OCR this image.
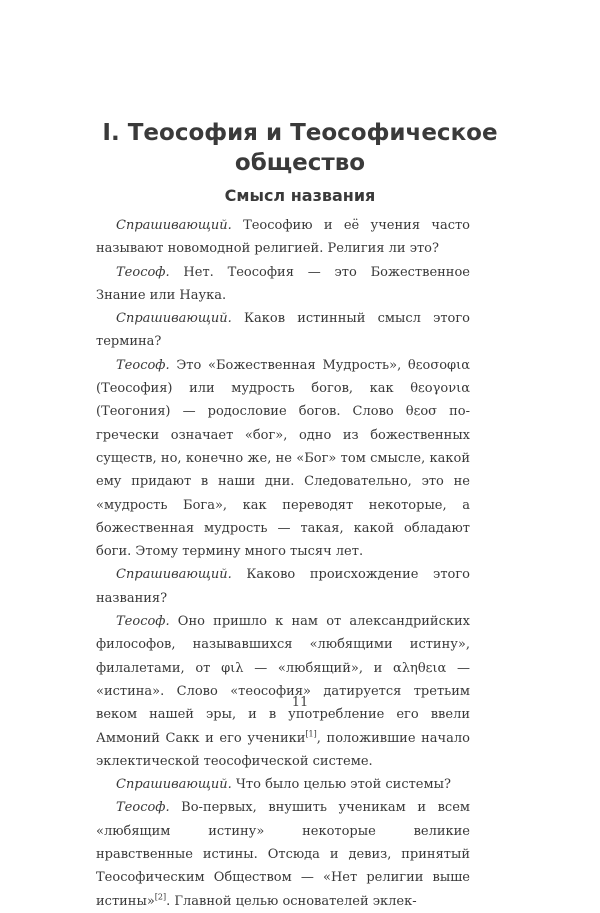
I. Теософия и Теософическое
общество
Смысл названия

Спрашивающий. Теософию и её учения часто называют новомодной религией. Религия ли это?

Теософ. Нет. Теософия — это Божественное Знание или Наука.

Спрашивающий. Каков истинный смысл этого термина?

Теософ. Это «Божественная Мудрость», θεοσοφια (Теософия) или мудрость богов, как θεογονια (Теогония) — родословие богов. Слово θεοσ по-гречески означает «бог», одно из божественных существ, но, конечно же, не «Бог» том смысле, какой ему придают в наши дни. Следовательно, это не «мудрость Бога», как переводят некоторые, а божественная мудрость — такая, какой обладают боги. Этому термину много тысяч лет.

Спрашивающий. Каково происхождение этого названия?

Теософ. Оно пришло к нам от александрийских философов, называвшихся «любящими истину», филалетами, от φιλ — «любящий», и αληθεια — «истина». Слово «теософия» датируется третьим веком нашей эры, и в употребление его ввели Аммоний Сакк и его ученики[1], положившие начало эклектической теософической системе.

Спрашивающий. Что было целью этой системы?

Теософ. Во-первых, внушить ученикам и всем «любящим истину» некоторые великие нравственные истины. Отсюда и девиз, принятый Теософическим Обществом — «Нет религии выше истины»[2]. Главной целью основателей эклек-

11
